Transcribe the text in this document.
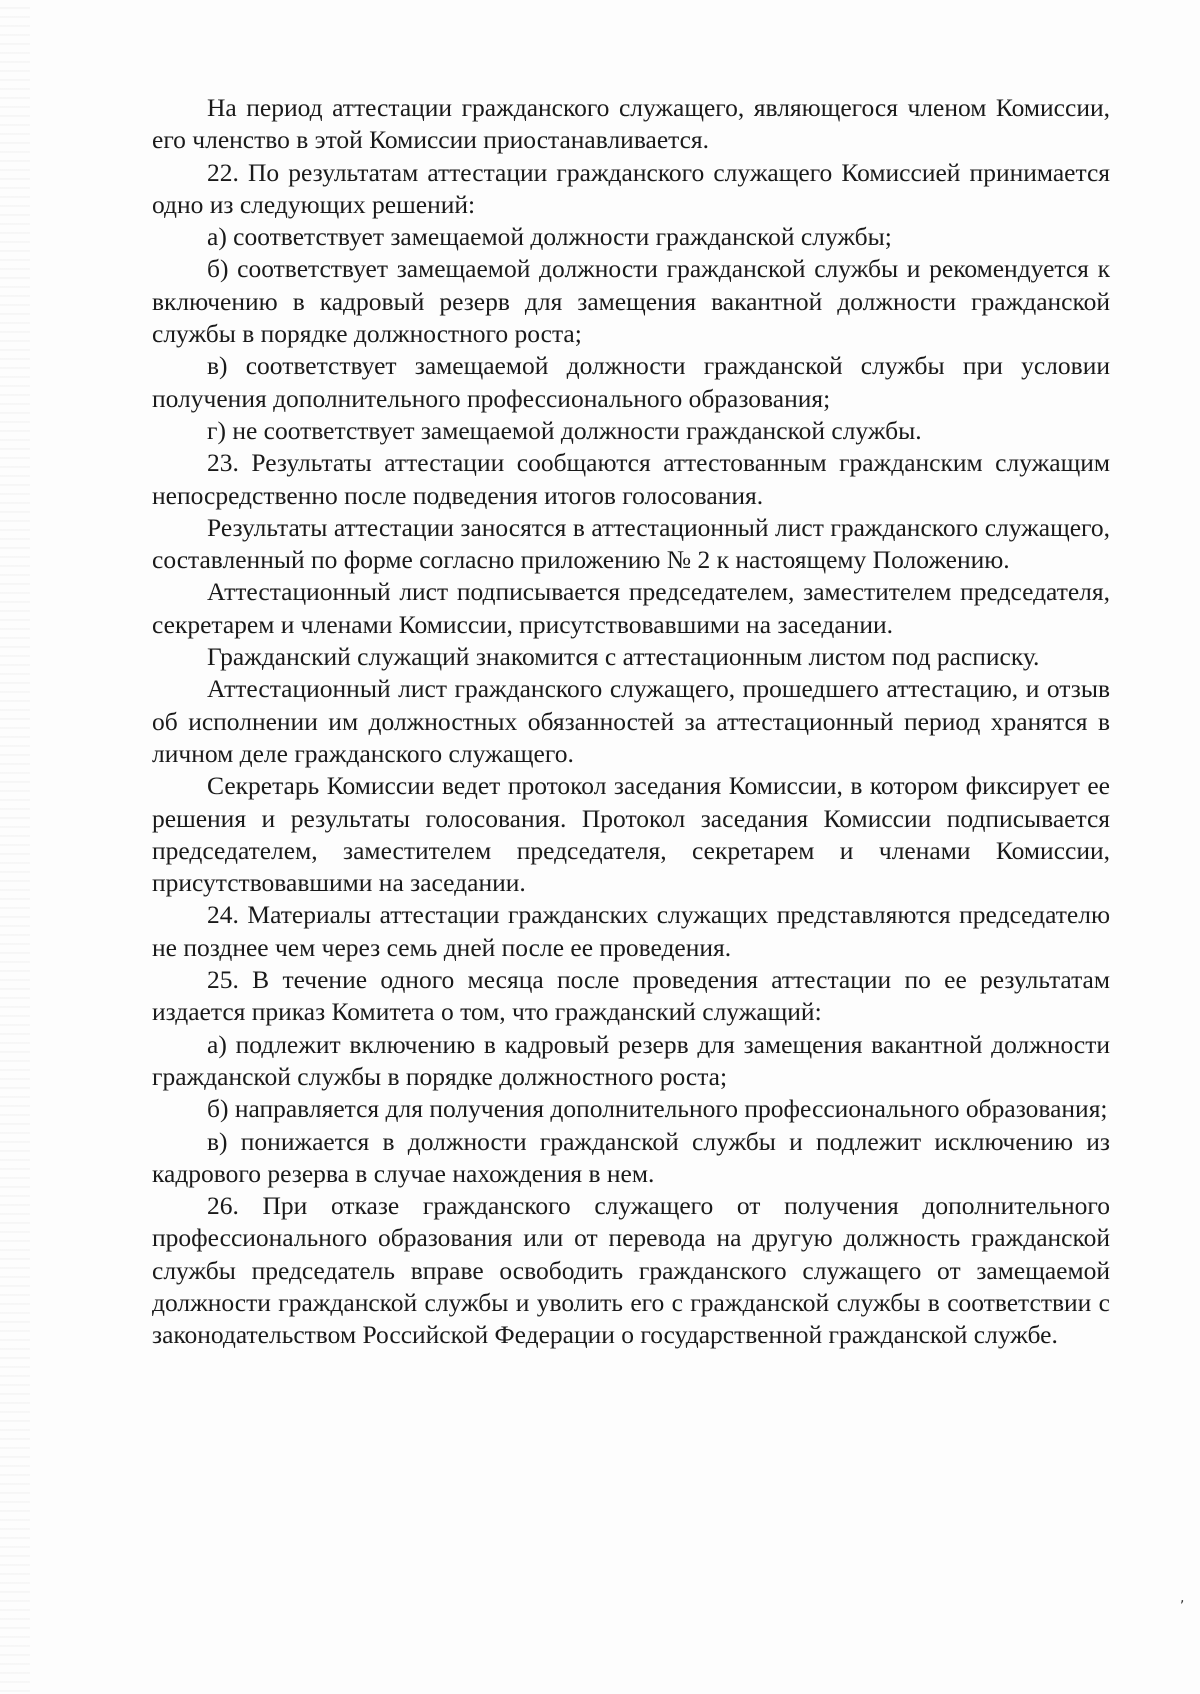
На период аттестации гражданского служащего, являющегося членом Комиссии, его членство в этой Комиссии приостанавливается.

22. По результатам аттестации гражданского служащего Комиссией принимается одно из следующих решений:

а) соответствует замещаемой должности гражданской службы;

б) соответствует замещаемой должности гражданской службы и рекомендуется к включению в кадровый резерв для замещения вакантной должности гражданской службы в порядке должностного роста;

в) соответствует замещаемой должности гражданской службы при условии получения дополнительного профессионального образования;

г) не соответствует замещаемой должности гражданской службы.

23. Результаты аттестации сообщаются аттестованным гражданским служащим непосредственно после подведения итогов голосования.

Результаты аттестации заносятся в аттестационный лист гражданского служащего, составленный по форме согласно приложению № 2 к настоящему Положению.

Аттестационный лист подписывается председателем, заместителем председателя, секретарем и членами Комиссии, присутствовавшими на заседании.

Гражданский служащий знакомится с аттестационным листом под расписку.

Аттестационный лист гражданского служащего, прошедшего аттестацию, и отзыв об исполнении им должностных обязанностей за аттестационный период хранятся в личном деле гражданского служащего.

Секретарь Комиссии ведет протокол заседания Комиссии, в котором фиксирует ее решения и результаты голосования. Протокол заседания Комиссии подписывается председателем, заместителем председателя, секретарем и членами Комиссии, присутствовавшими на заседании.

24. Материалы аттестации гражданских служащих представляются председателю не позднее чем через семь дней после ее проведения.

25. В течение одного месяца после проведения аттестации по ее результатам издается приказ Комитета о том, что гражданский служащий:

а) подлежит включению в кадровый резерв для замещения вакантной должности гражданской службы в порядке должностного роста;

б) направляется для получения дополнительного профессионального образования;

в) понижается в должности гражданской службы и подлежит исключению из кадрового резерва в случае нахождения в нем.

26. При отказе гражданского служащего от получения дополнительного профессионального образования или от перевода на другую должность гражданской службы председатель вправе освободить гражданского служащего от замещаемой должности гражданской службы и уволить его с гражданской службы в соответствии с законодательством Российской Федерации о государственной гражданской службе.

,
